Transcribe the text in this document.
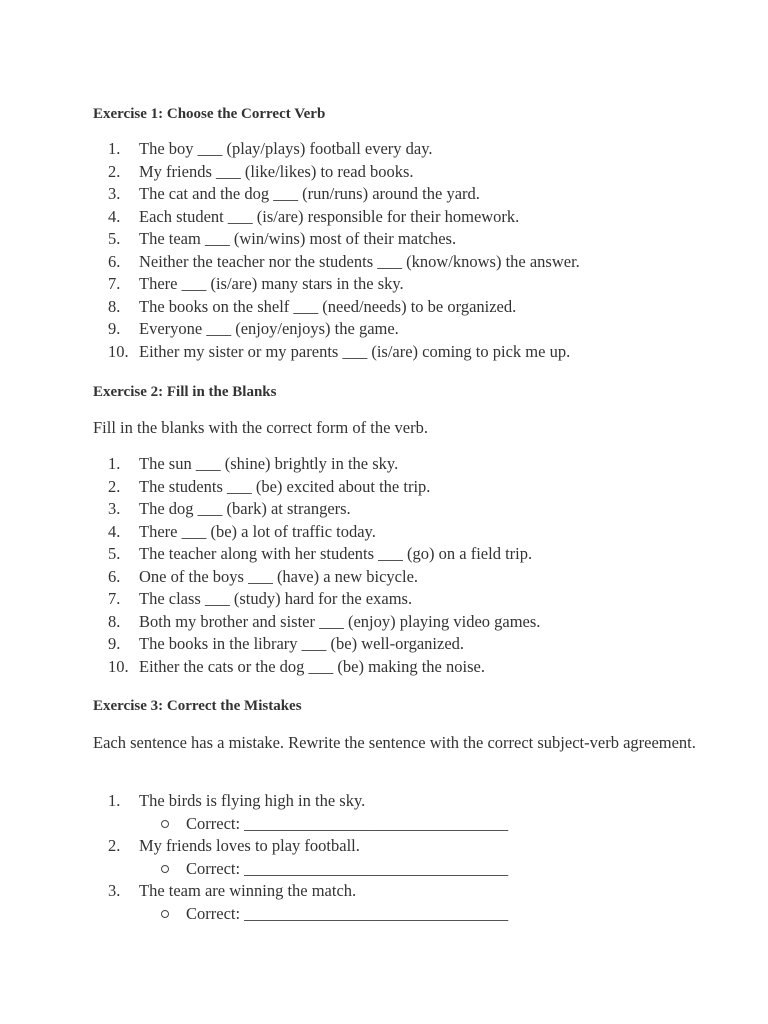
Exercise 1: Choose the Correct Verb
1.	The boy ___ (play/plays) football every day.
2.	My friends ___ (like/likes) to read books.
3.	The cat and the dog ___ (run/runs) around the yard.
4.	Each student ___ (is/are) responsible for their homework.
5.	The team ___ (win/wins) most of their matches.
6.	Neither the teacher nor the students ___ (know/knows) the answer.
7.	There ___ (is/are) many stars in the sky.
8.	The books on the shelf ___ (need/needs) to be organized.
9.	Everyone ___ (enjoy/enjoys) the game.
10. Either my sister or my parents ___ (is/are) coming to pick me up.
Exercise 2: Fill in the Blanks

Fill in the blanks with the correct form of the verb.

1.	The sun ___ (shine) brightly in the sky.
2.	The students ___ (be) excited about the trip.
3.	The dog ___ (bark) at strangers.
4.	There ___ (be) a lot of traffic today.
5.	The teacher along with her students ___ (go) on a field trip.
6.	One of the boys ___ (have) a new bicycle.
7.	The class ___ (study) hard for the exams.
8.	Both my brother and sister ___ (enjoy) playing video games.
9.	The books in the library ___ (be) well-organized.
10. Either the cats or the dog ___ (be) making the noise.
Exercise 3: Correct the Mistakes

Each sentence has a mistake. Rewrite the sentence with the correct subject-verb agreement.

1.	The birds is flying high in the sky.
Correct: ________________________________
2.	My friends loves to play football.
Correct: ________________________________
3.	The team are winning the match.
Correct: ________________________________
